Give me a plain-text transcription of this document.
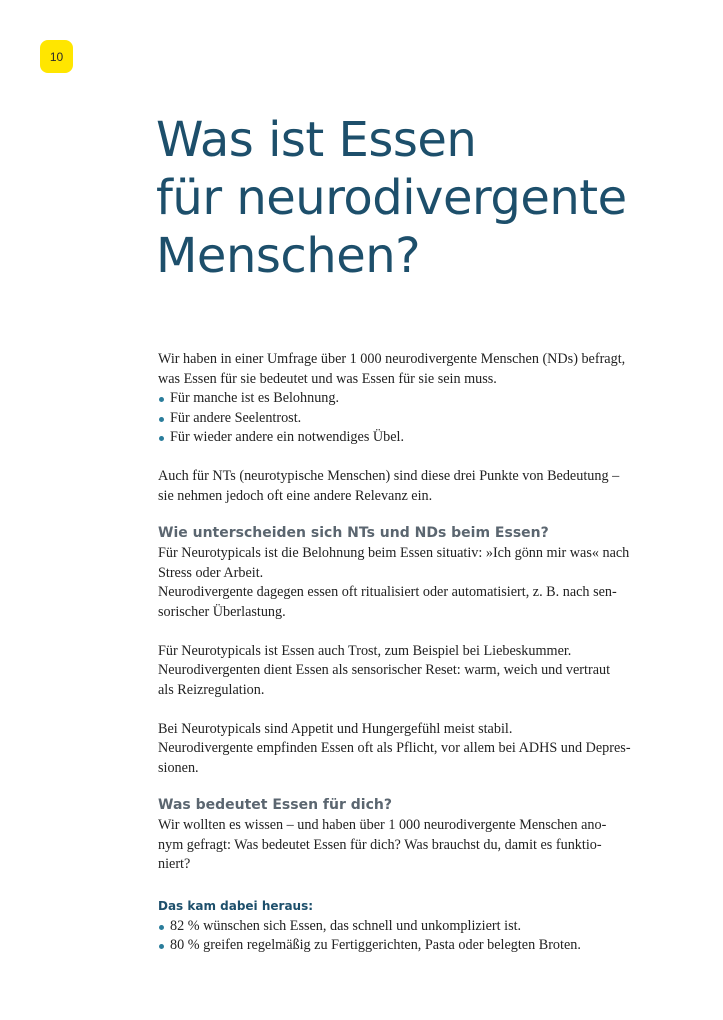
10
Was ist Essen
für neurodivergente
Menschen?

Wir haben in einer Umfrage über 1 000 neurodivergente Menschen (NDs) befragt,
was Essen für sie bedeutet und was Essen für sie sein muss.

Für manche ist es Belohnung.
Für andere Seelentrost.
Für wieder andere ein notwendiges Übel.

Auch für NTs (neurotypische Menschen) sind diese drei Punkte von Bedeutung –
sie nehmen jedoch oft eine andere Relevanz ein.

Wie unterscheiden sich NTs und NDs beim Essen?

Für Neurotypicals ist die Belohnung beim Essen situativ: »Ich gönn mir was« nach
Stress oder Arbeit.
Neurodivergente dagegen essen oft ritualisiert oder automatisiert, z. B. nach sen-
sorischer Überlastung.

Für Neurotypicals ist Essen auch Trost, zum Beispiel bei Liebeskummer.
Neurodivergenten dient Essen als sensorischer Reset: warm, weich und vertraut
als Reizregulation.

Bei Neurotypicals sind Appetit und Hungergefühl meist stabil.
Neurodivergente empfinden Essen oft als Pflicht, vor allem bei ADHS und Depres-
sionen.

Was bedeutet Essen für dich?

Wir wollten es wissen – und haben über 1 000 neurodivergente Menschen ano-
nym gefragt: Was bedeutet Essen für dich? Was brauchst du, damit es funktio-
niert?

Das kam dabei heraus:
82 % wünschen sich Essen, das schnell und unkompliziert ist.
80 % greifen regelmäßig zu Fertiggerichten, Pasta oder belegten Broten.
